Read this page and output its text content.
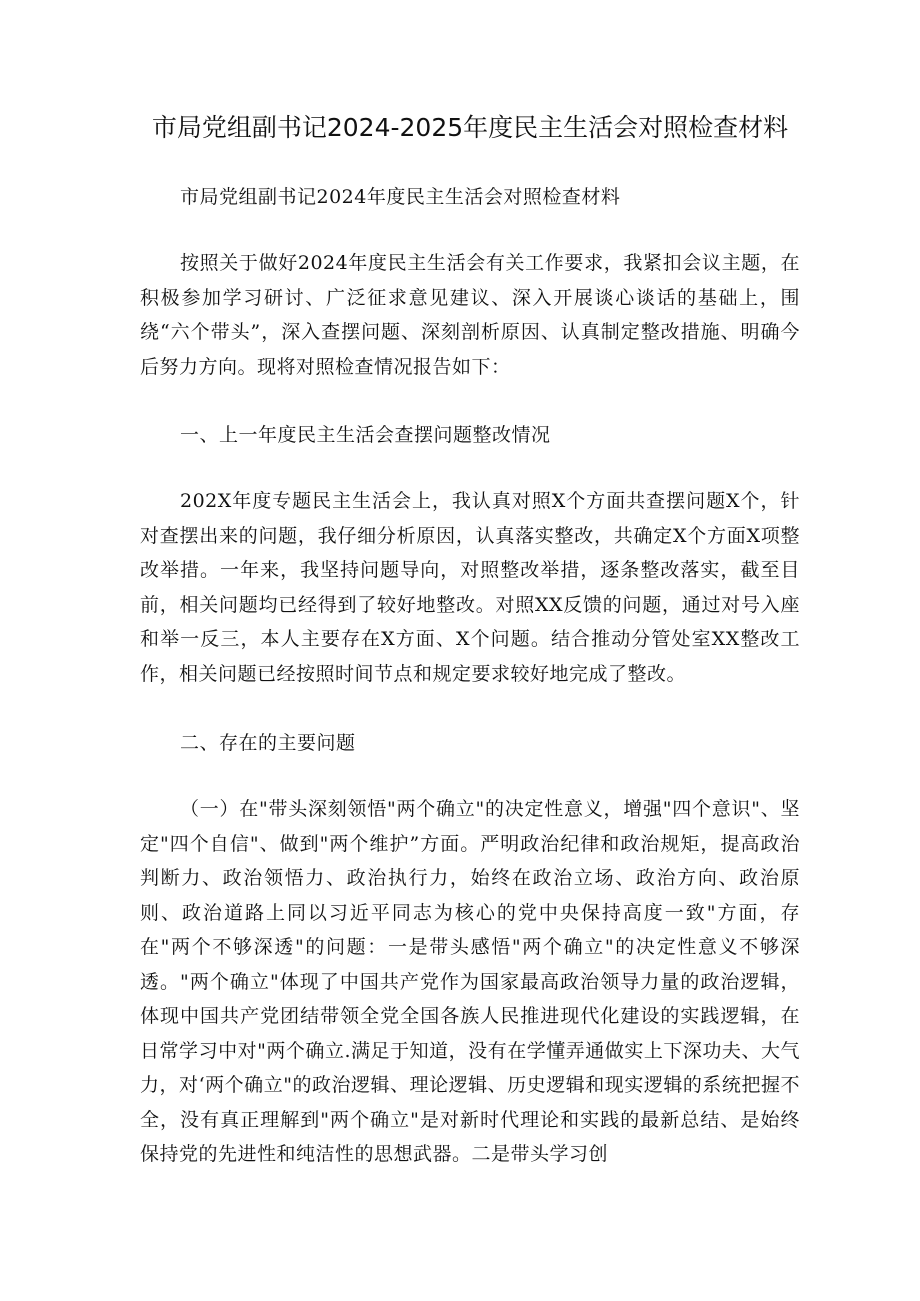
市局党组副书记2024-2025年度民主生活会对照检查材料

市局党组副书记2024年度民主生活会对照检查材料

按照关于做好2024年度民主生活会有关工作要求，我紧扣会议主题，在积极参加学习研讨、广泛征求意见建议、深入开展谈心谈话的基础上，围绕“六个带头”，深入查摆问题、深刻剖析原因、认真制定整改措施、明确今后努力方向。现将对照检查情况报告如下：

一、上一年度民主生活会查摆问题整改情况

202X年度专题民主生活会上，我认真对照X个方面共查摆问题X个，针对查摆出来的问题，我仔细分析原因，认真落实整改，共确定X个方面X项整改举措。一年来，我坚持问题导向，对照整改举措，逐条整改落实，截至目前，相关问题均已经得到了较好地整改。对照XX反馈的问题，通过对号入座和举一反三，本人主要存在X方面、X个问题。结合推动分管处室XX整改工作，相关问题已经按照时间节点和规定要求较好地完成了整改。

二、存在的主要问题

（一）在"带头深刻领悟"两个确立"的决定性意义，增强"四个意识"、坚定"四个自信"、做到"两个维护”方面。严明政治纪律和政治规矩，提高政治判断力、政治领悟力、政治执行力，始终在政治立场、政治方向、政治原则、政治道路上同以习近平同志为核心的党中央保持高度一致"方面，存在"两个不够深透"的问题：一是带头感悟"两个确立"的决定性意义不够深透。"两个确立"体现了中国共产党作为国家最高政治领导力量的政治逻辑，体现中国共产党团结带领全党全国各族人民推进现代化建设的实践逻辑，在日常学习中对"两个确立.满足于知道，没有在学懂弄通做实上下深功夫、大气力，对‘两个确立"的政治逻辑、理论逻辑、历史逻辑和现实逻辑的系统把握不全，没有真正理解到"两个确立"是对新时代理论和实践的最新总结、是始终保持党的先进性和纯洁性的思想武器。二是带头学习创
